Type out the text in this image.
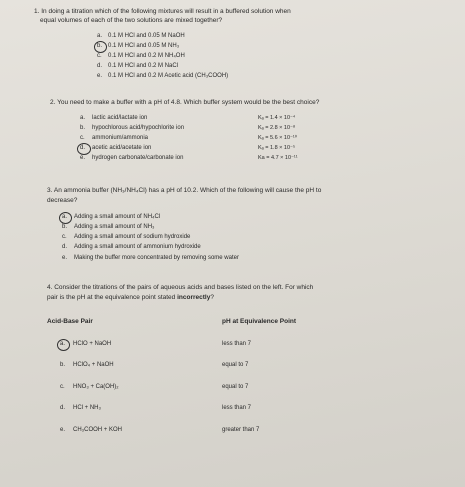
1. In doing a titration which of the following mixtures will result in a buffered solution when
equal volumes of each of the two solutions are mixed together?
a. 0.1 M HCl and 0.05 M NaOH
b. 0.1 M HCl and 0.05 M NH₃
c. 0.1 M HCl and 0.2 M NH₄OH
d. 0.1 M HCl and 0.2 M NaCl
e. 0.1 M HCl and 0.2 M Acetic acid (CH₃COOH)
2. You need to make a buffer with a pH of 4.8. Which buffer system would be the best choice?
a. lactic acid/lactate ion	Kₐ = 1.4 × 10⁻⁴
b. hypochlorous acid/hypochlorite ion	Kₐ = 2.8 × 10⁻⁸
c. ammonium/ammonia	Kₐ = 5.6 × 10⁻¹⁰
d. acetic acid/acetate ion	Kₐ = 1.8 × 10⁻⁵
e. hydrogen carbonate/carbonate ion	Ka = 4.7 × 10⁻¹¹
3. An ammonia buffer (NH₃/NH₄Cl) has a pH of 10.2. Which of the following will cause the pH to
decrease?
a. Adding a small amount of NH₄Cl
b. Adding a small amount of NH₃
c. Adding a small amount of sodium hydroxide
d. Adding a small amount of ammonium hydroxide
e. Making the buffer more concentrated by removing some water
4. Consider the titrations of the pairs of aqueous acids and bases listed on the left. For which
pair is the pH at the equivalence point stated incorrectly?
Acid-Base Pair	pH at Equivalence Point
a. HClO + NaOH	less than 7
b. HClO₄ + NaOH	equal to 7
c. HNO₃ + Ca(OH)₂	equal to 7
d. HCl + NH₃	less than 7
e. CH₃COOH + KOH	greater than 7
